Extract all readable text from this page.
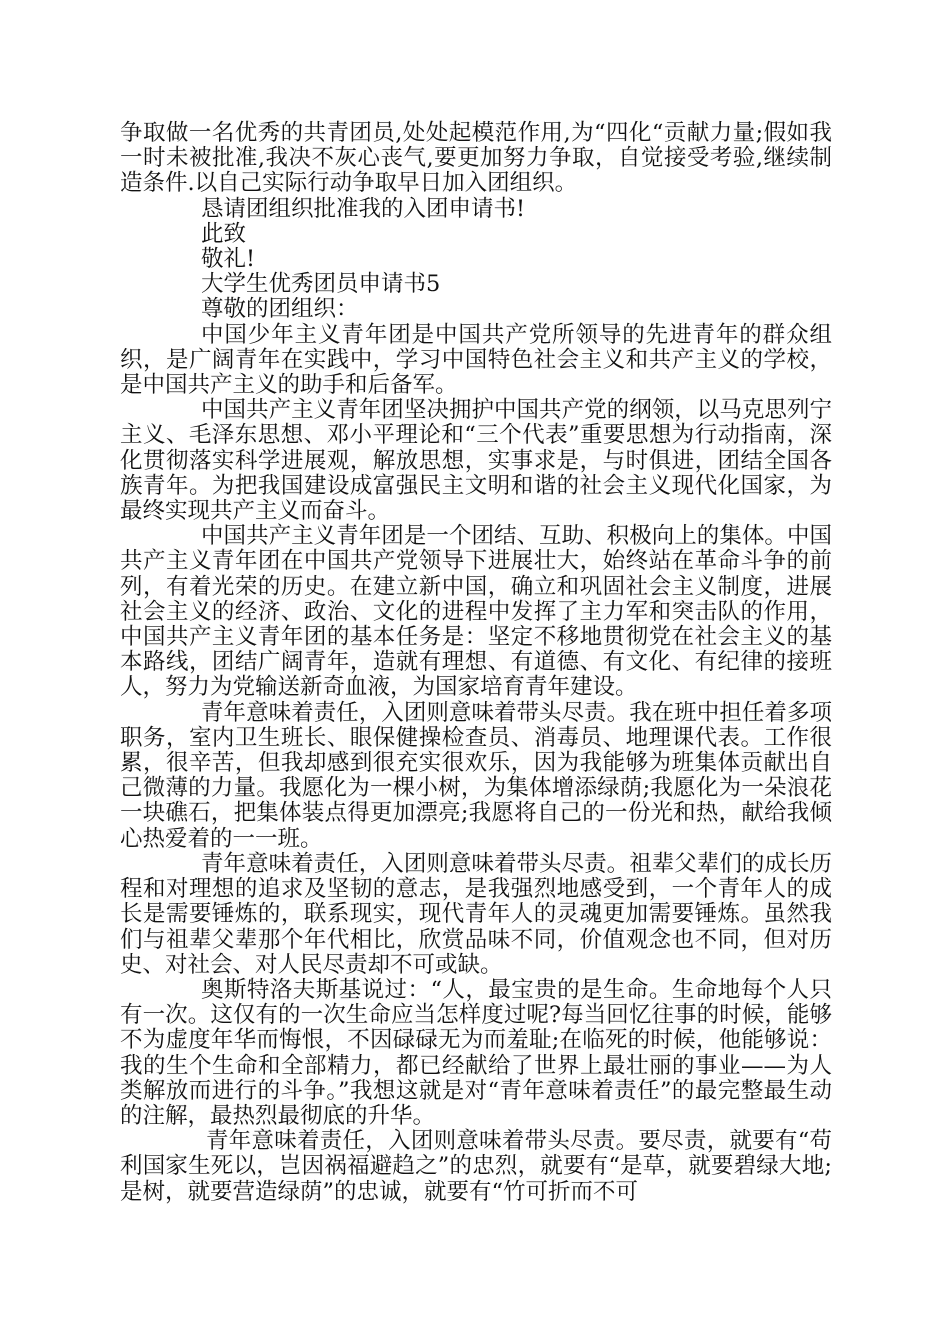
争取做一名优秀的共青团员,处处起模范作用,为“四化“贡献力量;假如我一时未被批准,我决不灰心丧气,要更加努力争取，自觉接受考验,继续制造条件.以自己实际行动争取早日加入团组织。

恳请团组织批准我的入团申请书!

此致

敬礼!

大学生优秀团员申请书5

尊敬的团组织：

中国少年主义青年团是中国共产党所领导的先进青年的群众组织，是广阔青年在实践中，学习中国特色社会主义和共产主义的学校，是中国共产主义的助手和后备军。

中国共产主义青年团坚决拥护中国共产党的纲领，以马克思列宁主义、毛泽东思想、邓小平理论和“三个代表”重要思想为行动指南，深化贯彻落实科学进展观，解放思想，实事求是，与时俱进，团结全国各族青年。为把我国建设成富强民主文明和谐的社会主义现代化国家，为最终实现共产主义而奋斗。

中国共产主义青年团是一个团结、互助、积极向上的集体。中国共产主义青年团在中国共产党领导下进展壮大，始终站在革命斗争的前列，有着光荣的历史。在建立新中国，确立和巩固社会主义制度，进展社会主义的经济、政治、文化的进程中发挥了主力军和突击队的作用，中国共产主义青年团的基本任务是：坚定不移地贯彻党在社会主义的基本路线，团结广阔青年，造就有理想、有道德、有文化、有纪律的接班人，努力为党输送新奇血液，为国家培育青年建设。

青年意味着责任，入团则意味着带头尽责。我在班中担任着多项职务，室内卫生班长、眼保健操检查员、消毒员、地理课代表。工作很累，很辛苦，但我却感到很充实很欢乐，因为我能够为班集体贡献出自己微薄的力量。我愿化为一棵小树，为集体增添绿荫;我愿化为一朵浪花一块礁石，把集体装点得更加漂亮;我愿将自己的一份光和热，献给我倾心热爱着的一一班。

青年意味着责任，入团则意味着带头尽责。祖辈父辈们的成长历程和对理想的追求及坚韧的意志，是我强烈地感受到，一个青年人的成长是需要锤炼的，联系现实，现代青年人的灵魂更加需要锤炼。虽然我们与祖辈父辈那个年代相比，欣赏品味不同，价值观念也不同，但对历史、对社会、对人民尽责却不可或缺。

奥斯特洛夫斯基说过：“人，最宝贵的是生命。生命地每个人只有一次。这仅有的一次生命应当怎样度过呢?每当回忆往事的时候，能够不为虚度年华而悔恨，不因碌碌无为而羞耻;在临死的时候，他能够说：我的生个生命和全部精力，都已经献给了世界上最壮丽的事业——为人类解放而进行的斗争。”我想这就是对“青年意味着责任”的最完整最生动的注解，最热烈最彻底的升华。

青年意味着责任，入团则意味着带头尽责。要尽责，就要有“苟利国家生死以，岂因祸福避趋之”的忠烈，就要有“是草，就要碧绿大地;是树，就要营造绿荫”的忠诚，就要有“竹可折而不可
